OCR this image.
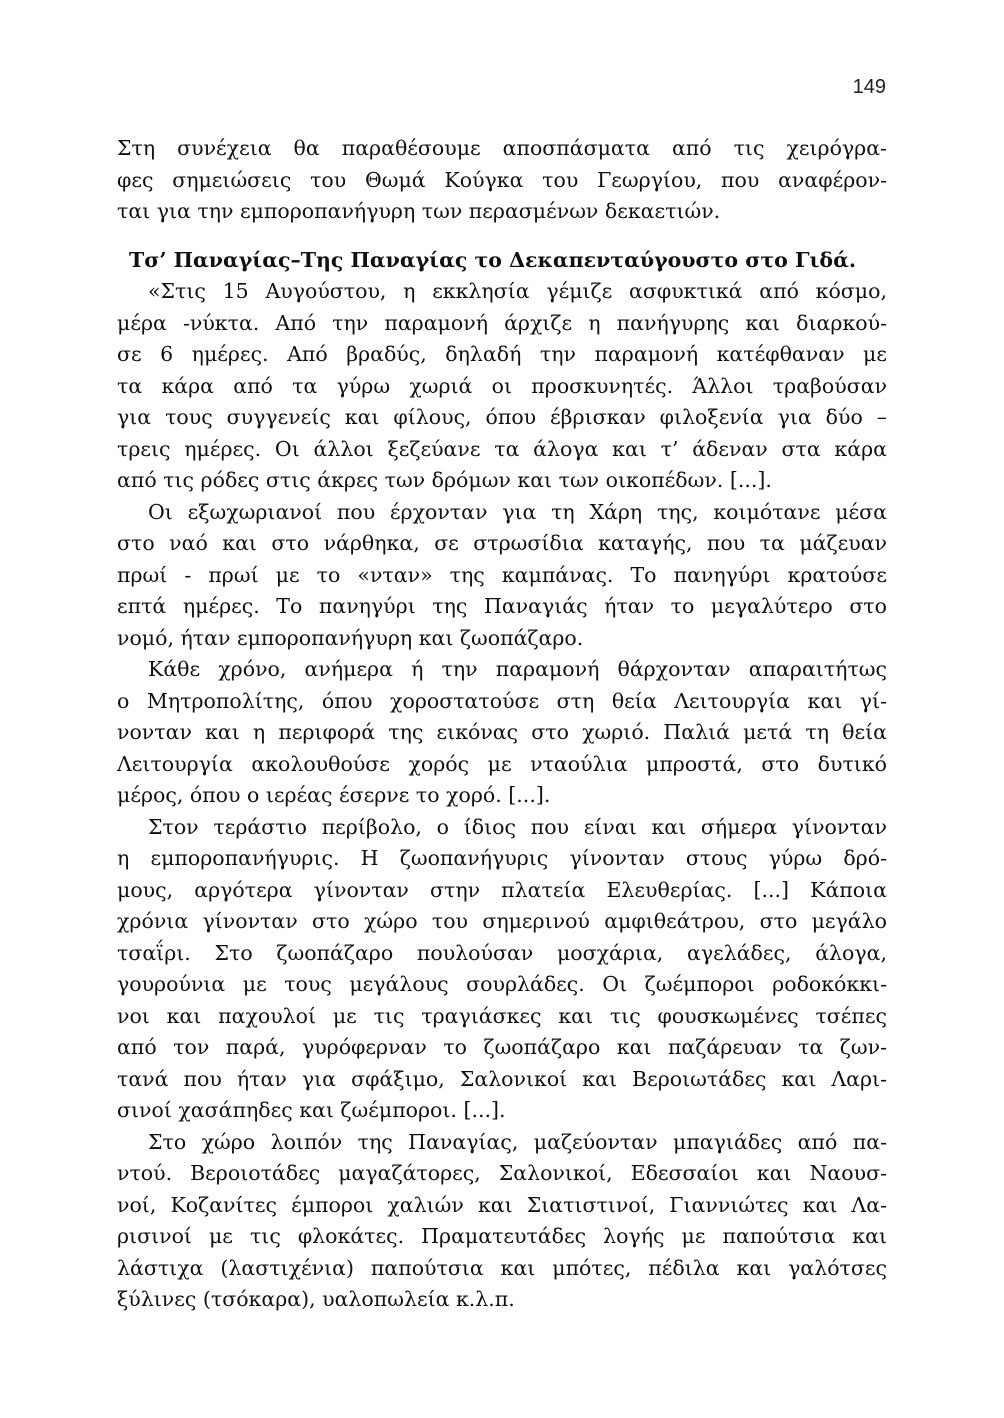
149
Στη συνέχεια θα παραθέσουμε αποσπάσματα από τις χειρόγρα-
φες σημειώσεις του Θωμά Κούγκα του Γεωργίου, που αναφέρον-
ται για την εμποροπανήγυρη των περασμένων δεκαετιών.
Τσ’ Παναγίας–Της Παναγίας το Δεκαπενταύγουστο στο Γιδά.
«Στις 15 Αυγούστου, η εκκλησία γέμιζε ασφυκτικά από κόσμο,
μέρα -νύκτα. Από την παραμονή άρχιζε η πανήγυρης και διαρκού-
σε 6 ημέρες. Από βραδύς, δηλαδή την παραμονή κατέφθαναν με
τα κάρα από τα γύρω χωριά οι προσκυνητές. Άλλοι τραβούσαν
για τους συγγενείς και φίλους, όπου έβρισκαν φιλοξενία για δύο –
τρεις ημέρες. Οι άλλοι ξεζεύανε τα άλογα και τ’ άδεναν στα κάρα
από τις ρόδες στις άκρες των δρόμων και των οικοπέδων. [...].
Οι εξωχωριανοί που έρχονταν για τη Χάρη της, κοιμότανε μέσα
στο ναό και στο νάρθηκα, σε στρωσίδια καταγής, που τα μάζευαν
πρωί - πρωί με το «νταν» της καμπάνας. Το πανηγύρι κρατούσε
επτά ημέρες. Το πανηγύρι της Παναγιάς ήταν το μεγαλύτερο στο
νομό, ήταν εμποροπανήγυρη και ζωοπάζαρο.
Κάθε χρόνο, ανήμερα ή την παραμονή θάρχονταν απαραιτήτως
ο Μητροπολίτης, όπου χοροστατούσε στη θεία Λειτουργία και γί-
νονταν και η περιφορά της εικόνας στο χωριό. Παλιά μετά τη θεία
Λειτουργία ακολουθούσε χορός με νταούλια μπροστά, στο δυτικό
μέρος, όπου ο ιερέας έσερνε το χορό. [...].
Στον τεράστιο περίβολο, ο ίδιος που είναι και σήμερα γίνονταν
η εμποροπανήγυρις. Η ζωοπανήγυρις γίνονταν στους γύρω δρό-
μους, αργότερα γίνονταν στην πλατεία Ελευθερίας. [...] Κάποια
χρόνια γίνονταν στο χώρο του σημερινού αμφιθεάτρου, στο μεγάλο
τσαΐρι. Στο ζωοπάζαρο πουλούσαν μοσχάρια, αγελάδες, άλογα,
γουρούνια με τους μεγάλους σουρλάδες. Οι ζωέμποροι ροδοκόκκι-
νοι και παχουλοί με τις τραγιάσκες και τις φουσκωμένες τσέπες
από τον παρά, γυρόφερναν το ζωοπάζαρο και παζάρευαν τα ζων-
τανά που ήταν για σφάξιμο, Σαλονικοί και Βεροιωτάδες και Λαρι-
σινοί χασάπηδες και ζωέμποροι. [...].
Στο χώρο λοιπόν της Παναγίας, μαζεύονταν μπαγιάδες από πα-
ντού. Βεροιοτάδες μαγαζάτορες, Σαλονικοί, Εδεσσαίοι και Ναουσ-
νοί, Κοζανίτες έμποροι χαλιών και Σιατιστινοί, Γιαννιώτες και Λα-
ρισινοί με τις φλοκάτες. Πραματευτάδες λογής με παπούτσια και
λάστιχα (λαστιχένια) παπούτσια και μπότες, πέδιλα και γαλότσες
ξύλινες (τσόκαρα), υαλοπωλεία κ.λ.π.
